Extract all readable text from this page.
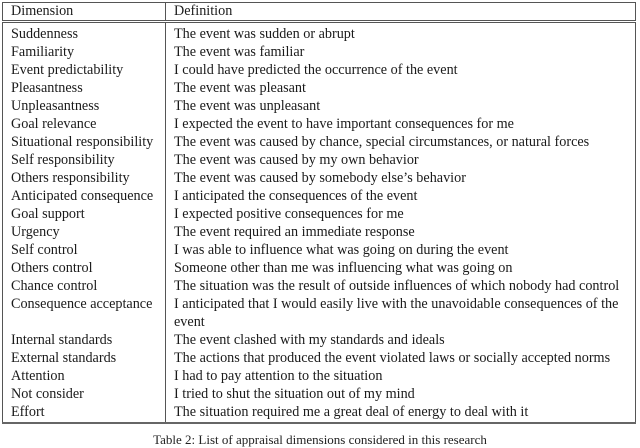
Dimension	Definition
Suddenness	The event was sudden or abrupt
Familiarity	The event was familiar
Event predictability	I could have predicted the occurrence of the event
Pleasantness	The event was pleasant
Unpleasantness	The event was unpleasant
Goal relevance	I expected the event to have important consequences for me
Situational responsibility	The event was caused by chance, special circumstances, or natural forces
Self responsibility	The event was caused by my own behavior
Others responsibility	The event was caused by somebody else’s behavior
Anticipated consequence	I anticipated the consequences of the event
Goal support	I expected positive consequences for me
Urgency	The event required an immediate response
Self control	I was able to influence what was going on during the event
Others control	Someone other than me was influencing what was going on
Chance control	The situation was the result of outside influences of which nobody had control
Consequence acceptance	I anticipated that I would easily live with the unavoidable consequences of the event
Internal standards	The event clashed with my standards and ideals
External standards	The actions that produced the event violated laws or socially accepted norms
Attention	I had to pay attention to the situation
Not consider	I tried to shut the situation out of my mind
Effort	The situation required me a great deal of energy to deal with it
Table 2: List of appraisal dimensions considered in this research
